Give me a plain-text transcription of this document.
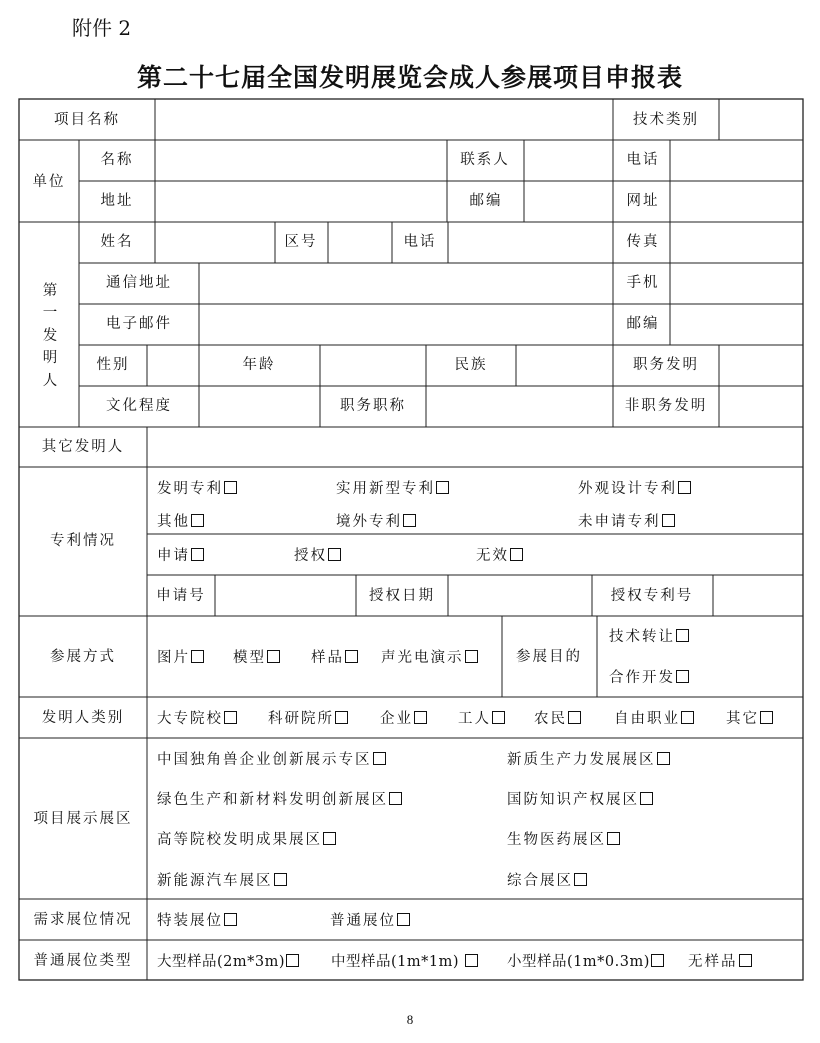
附件 2
第二十七届全国发明展览会成人参展项目申报表
项目名称	技术类别
单位
名称	联系人	电话
地址	邮编	网址
第一发明人
姓名	区号	电话	传真
通信地址	手机
电子邮件	邮编
性别	年龄	民族	职务发明
文化程度	职务职称	非职务发明
其它发明人
专利情况
发明专利	实用新型专利	外观设计专利
其他	境外专利	未申请专利
申请	授权	无效
申请号	授权日期	授权专利号
参展方式	图片	模型	样品	声光电演示	参展目的
技术转让
合作开发
发明人类别 大专院校	科研院所	企业	工人	农民	自由职业	其它
项目展示展区
中国独角兽企业创新展示专区	新质生产力发展展区
绿色生产和新材料发明创新展区	国防知识产权展区
高等院校发明成果展区	生物医药展区
新能源汽车展区	综合展区
需求展位情况 特装展位	普通展位
普通展位类型 大型样品(2m*3m)	中型样品(1m*1m)	小型样品(1m*0.3m)	无样品
8
